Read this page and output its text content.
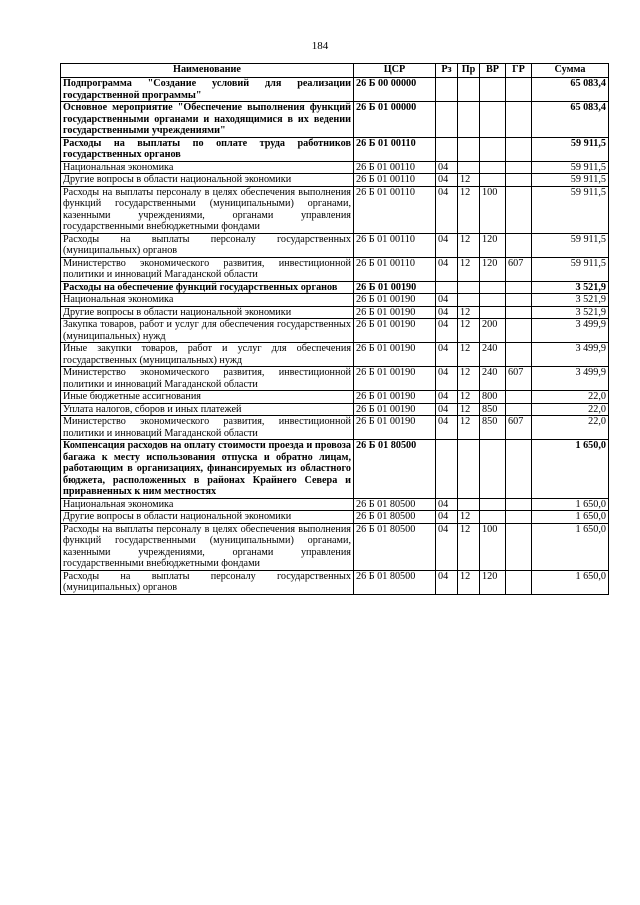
184
Наименование	ЦСР	Рз	Пр	ВР	ГР	Сумма
Подпрограмма "Создание условий для реализации государственной программы"	26 Б 00 00000					65 083,4
Основное мероприятие "Обеспечение выполнения функций государственными органами и находящимися в их ведении государственными учреждениями"	26 Б 01 00000					65 083,4
Расходы на выплаты по оплате труда работников государственных органов	26 Б 01 00110					59 911,5
Национальная экономика	26 Б 01 00110	04				59 911,5
Другие вопросы в области национальной экономики	26 Б 01 00110	04	12			59 911,5
Расходы на выплаты персоналу в целях обеспечения выполнения функций государственными (муниципальными) органами, казенными учреждениями, органами управления государственными внебюджетными фондами	26 Б 01 00110	04	12	100		59 911,5
Расходы на выплаты персоналу государственных (муниципальных) органов	26 Б 01 00110	04	12	120		59 911,5
Министерство экономического развития, инвестиционной политики и инноваций Магаданской области	26 Б 01 00110	04	12	120	607	59 911,5
Расходы на обеспечение функций государственных органов	26 Б 01 00190					3 521,9
Национальная экономика	26 Б 01 00190	04				3 521,9
Другие вопросы в области национальной экономики	26 Б 01 00190	04	12			3 521,9
Закупка товаров, работ и услуг для обеспечения государственных (муниципальных) нужд	26 Б 01 00190	04	12	200		3 499,9
Иные закупки товаров, работ и услуг для обеспечения государственных (муниципальных) нужд	26 Б 01 00190	04	12	240		3 499,9
Министерство экономического развития, инвестиционной политики и инноваций Магаданской области	26 Б 01 00190	04	12	240	607	3 499,9
Иные бюджетные ассигнования	26 Б 01 00190	04	12	800		22,0
Уплата налогов, сборов и иных платежей	26 Б 01 00190	04	12	850		22,0
Министерство экономического развития, инвестиционной политики и инноваций Магаданской области	26 Б 01 00190	04	12	850	607	22,0
Компенсация расходов на оплату стоимости проезда и провоза багажа к месту использования отпуска и обратно лицам, работающим в организациях, финансируемых из областного бюджета, расположенных в районах Крайнего Севера и приравненных к ним местностях	26 Б 01 80500					1 650,0
Национальная экономика	26 Б 01 80500	04				1 650,0
Другие вопросы в области национальной экономики	26 Б 01 80500	04	12			1 650,0
Расходы на выплаты персоналу в целях обеспечения выполнения функций государственными (муниципальными) органами, казенными учреждениями, органами управления государственными внебюджетными фондами	26 Б 01 80500	04	12	100		1 650,0
Расходы на выплаты персоналу государственных (муниципальных) органов	26 Б 01 80500	04	12	120		1 650,0
